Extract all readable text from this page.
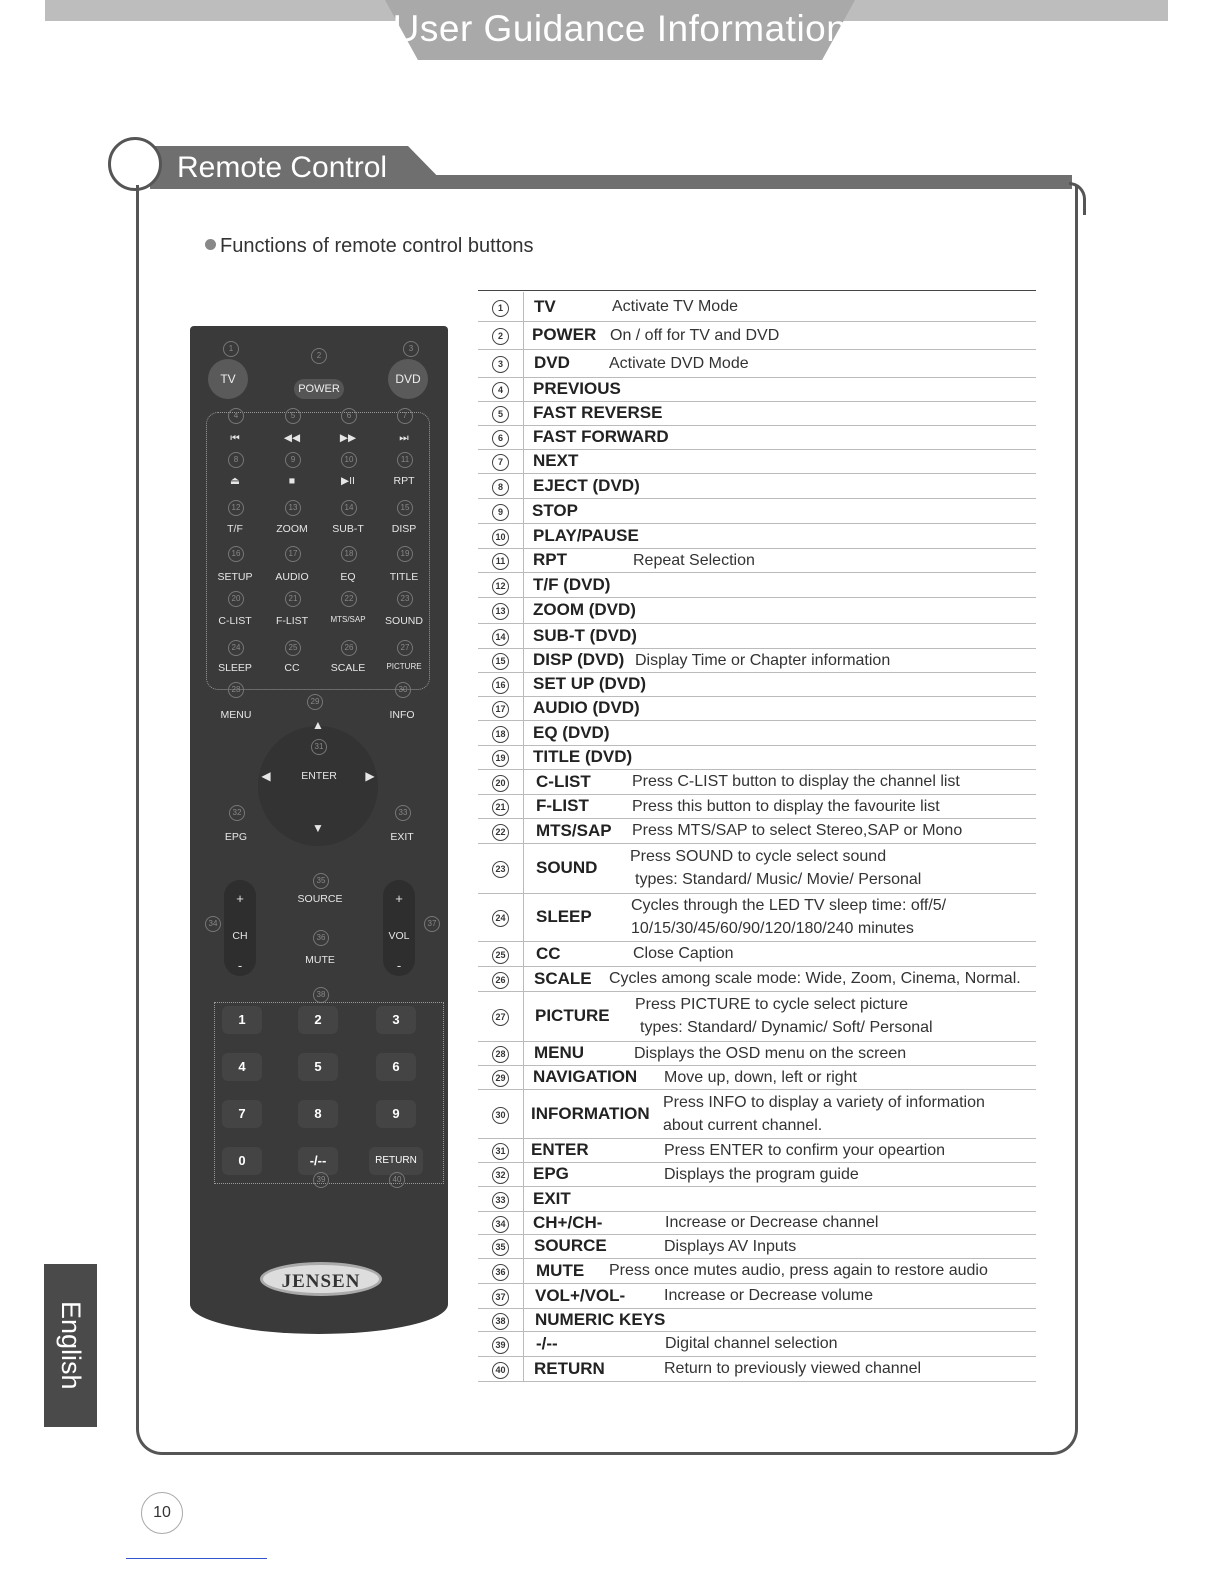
User Guidance Information
Remote Control
Functions of remote control buttons
1
2
3
TV
POWER
DVD
4	5	6	7
⏮	◀◀	▶▶	⏭
8	9	10	11
⏏	■	▶II	RPT
12	13	14	15
T/F	ZOOM	SUB-T	DISP
16	17	18	19
SETUP	AUDIO	EQ	TITLE
20	21	22	23
C-LIST	F-LIST	MTS/SAP	SOUND
24	25	26	27
SLEEP	CC	SCALE	PICTURE
28
29
30
MENU	INFO
▲
31
◀	ENTER	▶
▼
32	33
EPG	EXIT
35
SOURCE
+	+
34
CH	36	VOL
37
MUTE
-	-
38
1	2	3
4	5	6
7	8	9
0	-/--	RETURN
39	40
JENSEN
1	TV	Activate TV Mode
2	POWER On / off for TV and DVD
3	DVD Activate DVD Mode
4	PREVIOUS
5	FAST REVERSE
6	FAST FORWARD
7	NEXT
8	EJECT (DVD)
9	STOP
10	PLAY/PAUSE
11	RPT	Repeat Selection
12	T/F (DVD)
13	ZOOM (DVD)
14	SUB-T (DVD)
15	DISP (DVD) Display Time or Chapter information
16	SET UP (DVD)
17	AUDIO (DVD)
18	EQ (DVD)
19	TITLE (DVD)
20	C-LIST	Press C-LIST button to display the channel list
21	F-LIST	Press this button to display the favourite list
22	MTS/SAP Press MTS/SAP to select Stereo,SAP or Mono
23	SOUND
Press SOUND to cycle select sound
types: Standard/ Music/ Movie/ Personal
24	SLEEP
Cycles through the LED TV sleep time: off/5/
10/15/30/45/60/90/120/180/240 minutes
25	CC	Close Caption
26	SCALE Cycles among scale mode: Wide, Zoom, Cinema, Normal.
27	PICTURE
Press PICTURE to cycle select picture
types: Standard/ Dynamic/ Soft/ Personal
28	MENU	Displays the OSD menu on the screen
29	NAVIGATION Move up, down, left or right
30	INFORMATION
Press INFO to display a variety of information
about current channel.
31	ENTER	Press ENTER to confirm your opeartion
32	EPG	Displays the program guide
33	EXIT
34	CH+/CH-	Increase or Decrease channel
35	SOURCE	Displays AV Inputs
36	MUTE Press once mutes audio, press again to restore audio
37	VOL+/VOL- Increase or Decrease volume
38	NUMERIC KEYS
39	-/--	Digital channel selection
40	RETURN	Return to previously viewed channel
English
10
